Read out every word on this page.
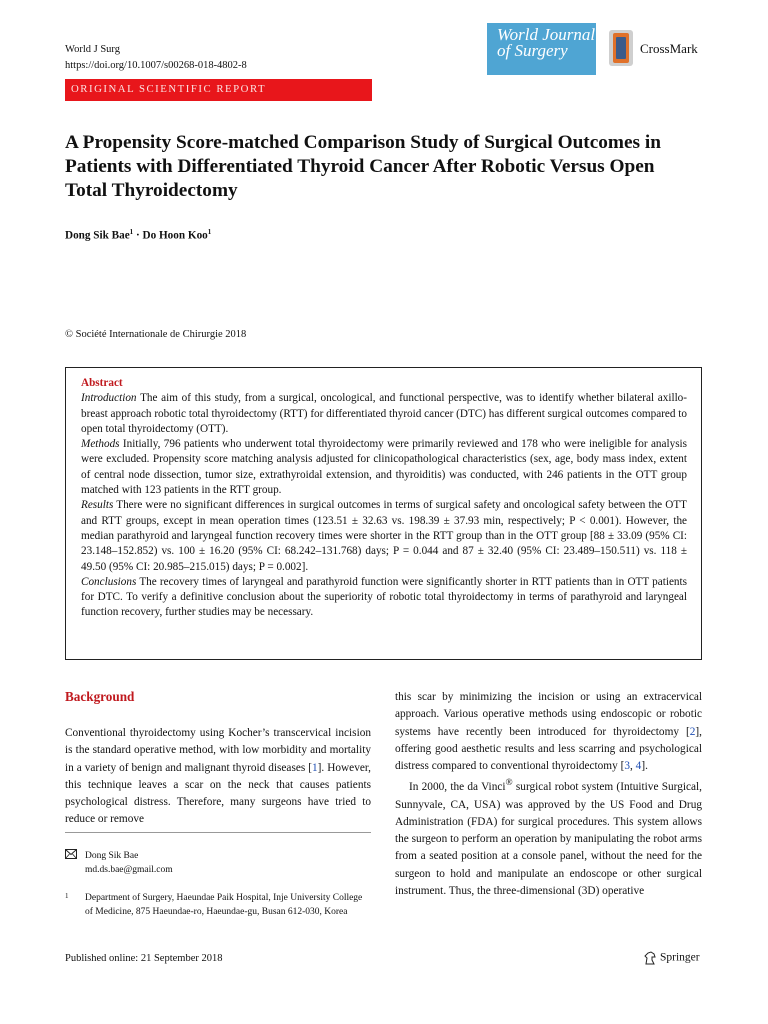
World J Surg
https://doi.org/10.1007/s00268-018-4802-8
World Journal
of Surgery	CrossMark
ORIGINAL SCIENTIFIC REPORT
A Propensity Score-matched Comparison Study of Surgical Outcomes in Patients with Differentiated Thyroid Cancer After Robotic Versus Open Total Thyroidectomy
Dong Sik Bae$^1$ · Do Hoon Koo$^1$
© Société Internationale de Chirurgie 2018
Abstract
Introduction The aim of this study, from a surgical, oncological, and functional perspective, was to identify whether bilateral axillo-breast approach robotic total thyroidectomy (RTT) for differentiated thyroid cancer (DTC) has different surgical outcomes compared to open total thyroidectomy (OTT).
Methods Initially, 796 patients who underwent total thyroidectomy were primarily reviewed and 178 who were ineligible for analysis were excluded. Propensity score matching analysis adjusted for clinicopathological characteristics (sex, age, body mass index, extent of central node dissection, tumor size, extrathyroidal extension, and thyroiditis) was conducted, with 246 patients in the OTT group matched with 123 patients in the RTT group.
Results There were no significant differences in surgical outcomes in terms of surgical safety and oncological safety between the OTT and RTT groups, except in mean operation times (123.51 ± 32.63 vs. 198.39 ± 37.93 min, respectively; P < 0.001). However, the median parathyroid and laryngeal function recovery times were shorter in the RTT group than in the OTT group [88 ± 33.09 (95% CI: 23.148–152.852) vs. 100 ± 16.20 (95% CI: 68.242–131.768) days; P = 0.044 and 87 ± 32.40 (95% CI: 23.489–150.511) vs. 118 ± 49.50 (95% CI: 20.985–215.015) days; P = 0.002].
Conclusions The recovery times of laryngeal and parathyroid function were significantly shorter in RTT patients than in OTT patients for DTC. To verify a definitive conclusion about the superiority of robotic total thyroidectomy in terms of parathyroid and laryngeal function recovery, further studies may be necessary.
Background
Conventional thyroidectomy using Kocher’s transcervical incision is the standard operative method, with low morbidity and mortality in a variety of benign and malignant thyroid diseases [1]. However, this technique leaves a scar on the neck that causes patients psychological distress. Therefore, many surgeons have tried to reduce or remove

this scar by minimizing the incision or using an extracervical approach. Various operative methods using endoscopic or robotic systems have recently been introduced for thyroidectomy [2], offering good aesthetic results and less scarring and psychological distress compared to conventional thyroidectomy [3, 4].

In 2000, the da Vinci® surgical robot system (Intuitive Surgical, Sunnyvale, CA, USA) was approved by the US Food and Drug Administration (FDA) for surgical procedures. This system allows the surgeon to perform an operation by manipulating the robot arms from a seated position at a console panel, without the need for the surgeon to hold and manipulate an endoscope or other surgical instrument. Thus, the three-dimensional (3D) operative

Dong Sik Bae
md.ds.bae@gmail.com
1 Department of Surgery, Haeundae Paik Hospital, Inje University College of Medicine, 875 Haeundae-ro, Haeundae-gu, Busan 612-030, Korea
Published online: 21 September 2018	Springer
